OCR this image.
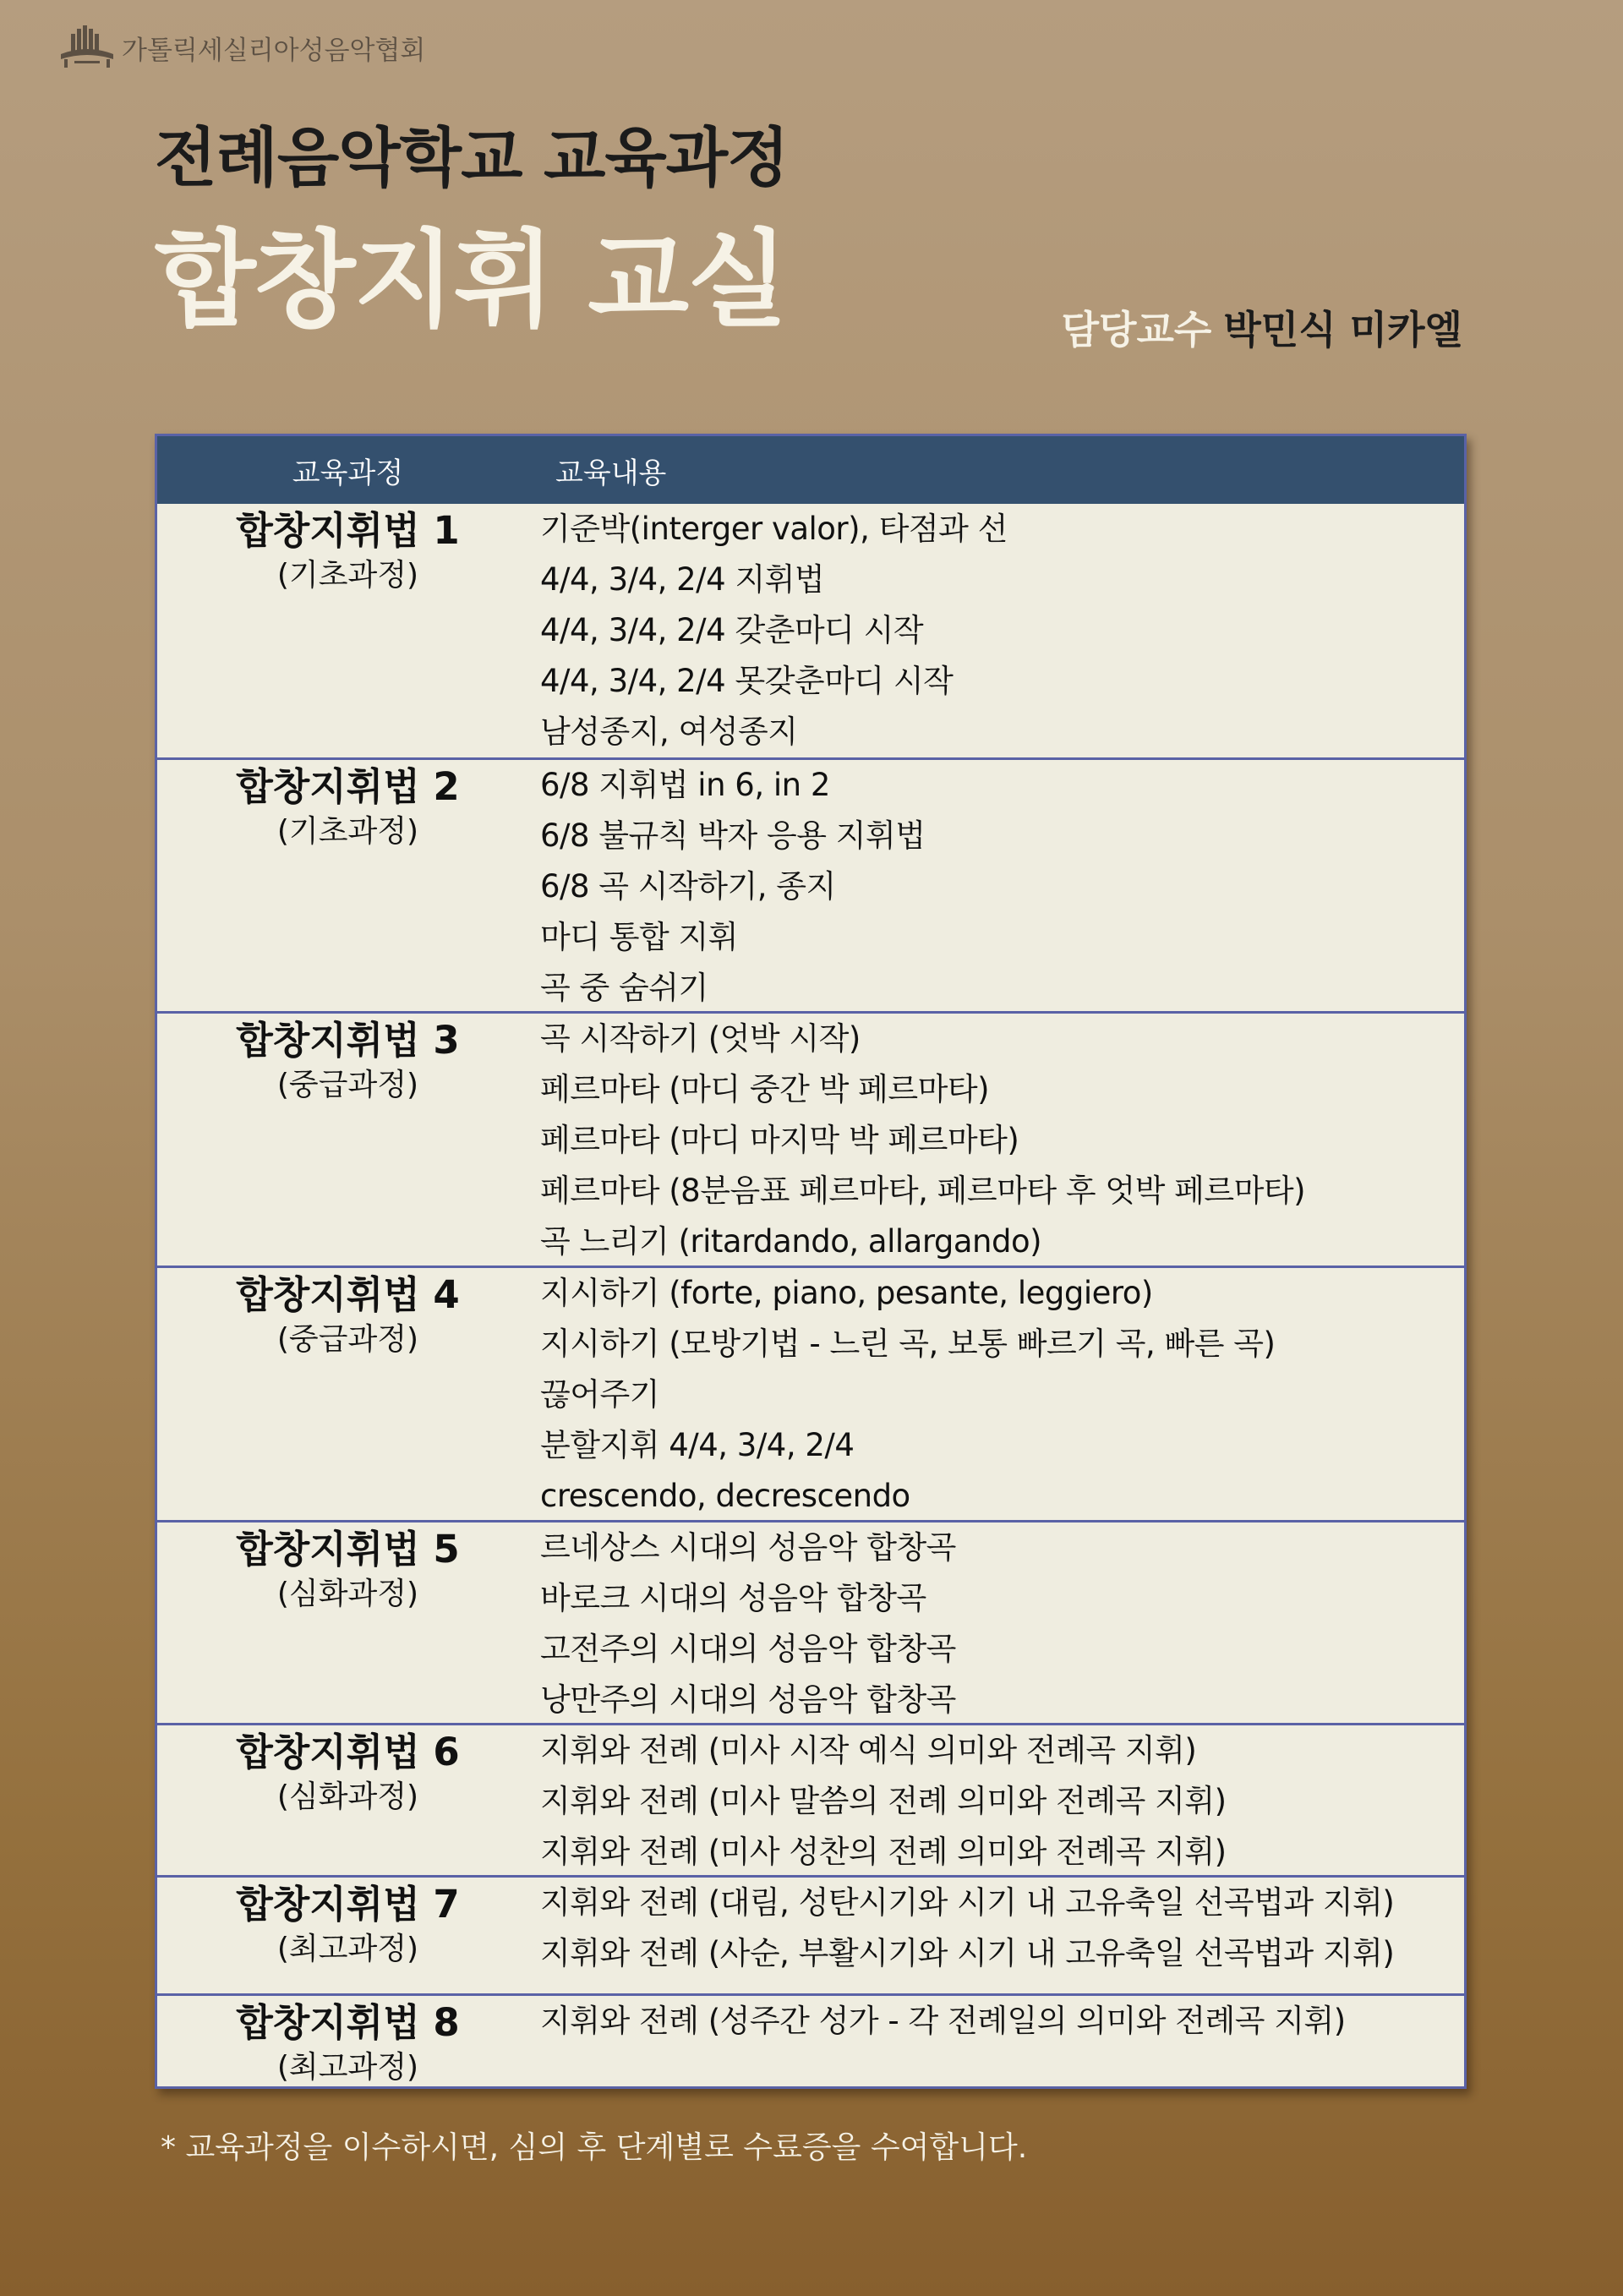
가톨릭세실리아성음악협회
전례음악학교 교육과정
합창지휘 교실	담당교수 박민식 미카엘
교육과정	교육내용
합창지휘법 1
(기초과정)
기준박(interger valor), 타점과 선
4/4, 3/4, 2/4 지휘법
4/4, 3/4, 2/4 갖춘마디 시작
4/4, 3/4, 2/4 못갖춘마디 시작
남성종지, 여성종지
합창지휘법 2
(기초과정)
6/8 지휘법 in 6, in 2
6/8 불규칙 박자 응용 지휘법
6/8 곡 시작하기, 종지
마디 통합 지휘
곡 중 숨쉬기
합창지휘법 3
(중급과정)
곡 시작하기 (엇박 시작)
페르마타 (마디 중간 박 페르마타)
페르마타 (마디 마지막 박 페르마타)
페르마타 (8분음표 페르마타, 페르마타 후 엇박 페르마타)
곡 느리기 (ritardando, allargando)
합창지휘법 4
(중급과정)
지시하기 (forte, piano, pesante, leggiero)
지시하기 (모방기법 - 느린 곡, 보통 빠르기 곡, 빠른 곡)
끊어주기
분할지휘 4/4, 3/4, 2/4
crescendo, decrescendo
합창지휘법 5
(심화과정)
르네상스 시대의 성음악 합창곡
바로크 시대의 성음악 합창곡
고전주의 시대의 성음악 합창곡
낭만주의 시대의 성음악 합창곡
합창지휘법 6
(심화과정)
지휘와 전례 (미사 시작 예식 의미와 전례곡 지휘)
지휘와 전례 (미사 말씀의 전례 의미와 전례곡 지휘)
지휘와 전례 (미사 성찬의 전례 의미와 전례곡 지휘)
합창지휘법 7
(최고과정)
지휘와 전례 (대림, 성탄시기와 시기 내 고유축일 선곡법과 지휘)
지휘와 전례 (사순, 부활시기와 시기 내 고유축일 선곡법과 지휘)
합창지휘법 8
(최고과정)
지휘와 전례 (성주간 성가 - 각 전례일의 의미와 전례곡 지휘)
* 교육과정을 이수하시면, 심의 후 단계별로 수료증을 수여합니다.
